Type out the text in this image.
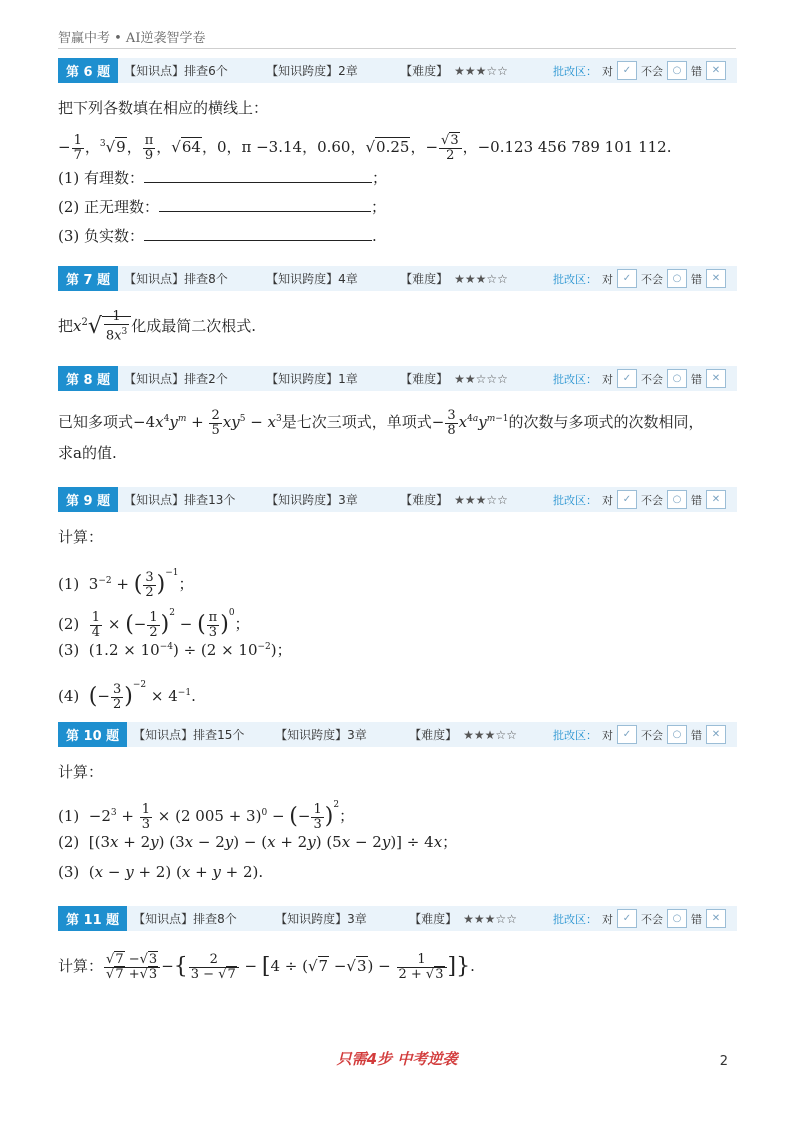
智赢中考 • AI逆袭智学卷
第 6 题	【知识点】排查6个	【知识跨度】2章	【难度】 ★★★☆☆	批改区： 对 ✓ 不会 ○ 错 ✕
把下列各数填在相应的横线上：
− $\frac{1}{7}$ ，$^3$√9， $\frac{\pi}{9}$ ，√64，0，π −3.14，0.60，√0.25，− $\frac{√3}{2}$ ，−0.123 456 789 101 112.
(1) 有理数：	；
(2) 正无理数：	；
(3) 负实数：	.
第 7 题	【知识点】排查8个	【知识跨度】4章	【难度】 ★★★☆☆	批改区： 对 ✓ 不会 ○ 错 ✕
把$x^2√ \frac{1}{8x^3}$ 化成最简二次根式.
第 8 题	【知识点】排查2个	【知识跨度】1章	【难度】 ★★☆☆☆	批改区： 对 ✓ 不会 ○ 错 ✕
已知多项式$-4x^4y^m + \frac{2}{5} xy^5 - x^3$是七次三项式，单项式− $\frac{3}{8} x^{4a}y^{m-1}$的次数与多项式的次数相同，
求a的值.
第 9 题	【知识点】排查13个	【知识跨度】3章	【难度】 ★★★☆☆	批改区： 对 ✓ 不会 ○ 错 ✕
计算：
(1)  $3^{-2}$ + ( $\frac{3}{2} )^{-1}$；
$(2) \frac{1}{4}$ × (− $\frac{1}{2} )^2$ − ( $\frac{\pi}{3} )^0$；
(3)  $(1.2 \times 10^{-4}) \div (2 \times 10^{-2})$；
(4) (− $\frac{3}{2} )^{-2} \times 4^{-1}$.
第 10 题	【知识点】排查15个	【知识跨度】3章	【难度】 ★★★☆☆	批改区： 对 ✓ 不会 ○ 错 ✕
计算：
$(1) -2^3 + \frac{1}{3} \times (2$ 005 + 3)$^0$ − (− $\frac{1}{3} )^2$；
(2)  [(3x + 2y) (3x − 2y) − (x + 2y) (5x − 2y)] ÷ 4x；
(3)  (x − y + 2) (x + y + 2).
第 11 题	【知识点】排查8个	【知识跨度】3章	【难度】 ★★★☆☆	批改区： 对 ✓ 不会 ○ 错 ✕
计算： $\frac{√7 -√3}{√7 +√3}$ −{ $\frac{2}{3 - √7} - [4 \div (√7 -√3) - \frac{1}{2 + √3}$ ]}.
只需4步 中考逆袭	2
